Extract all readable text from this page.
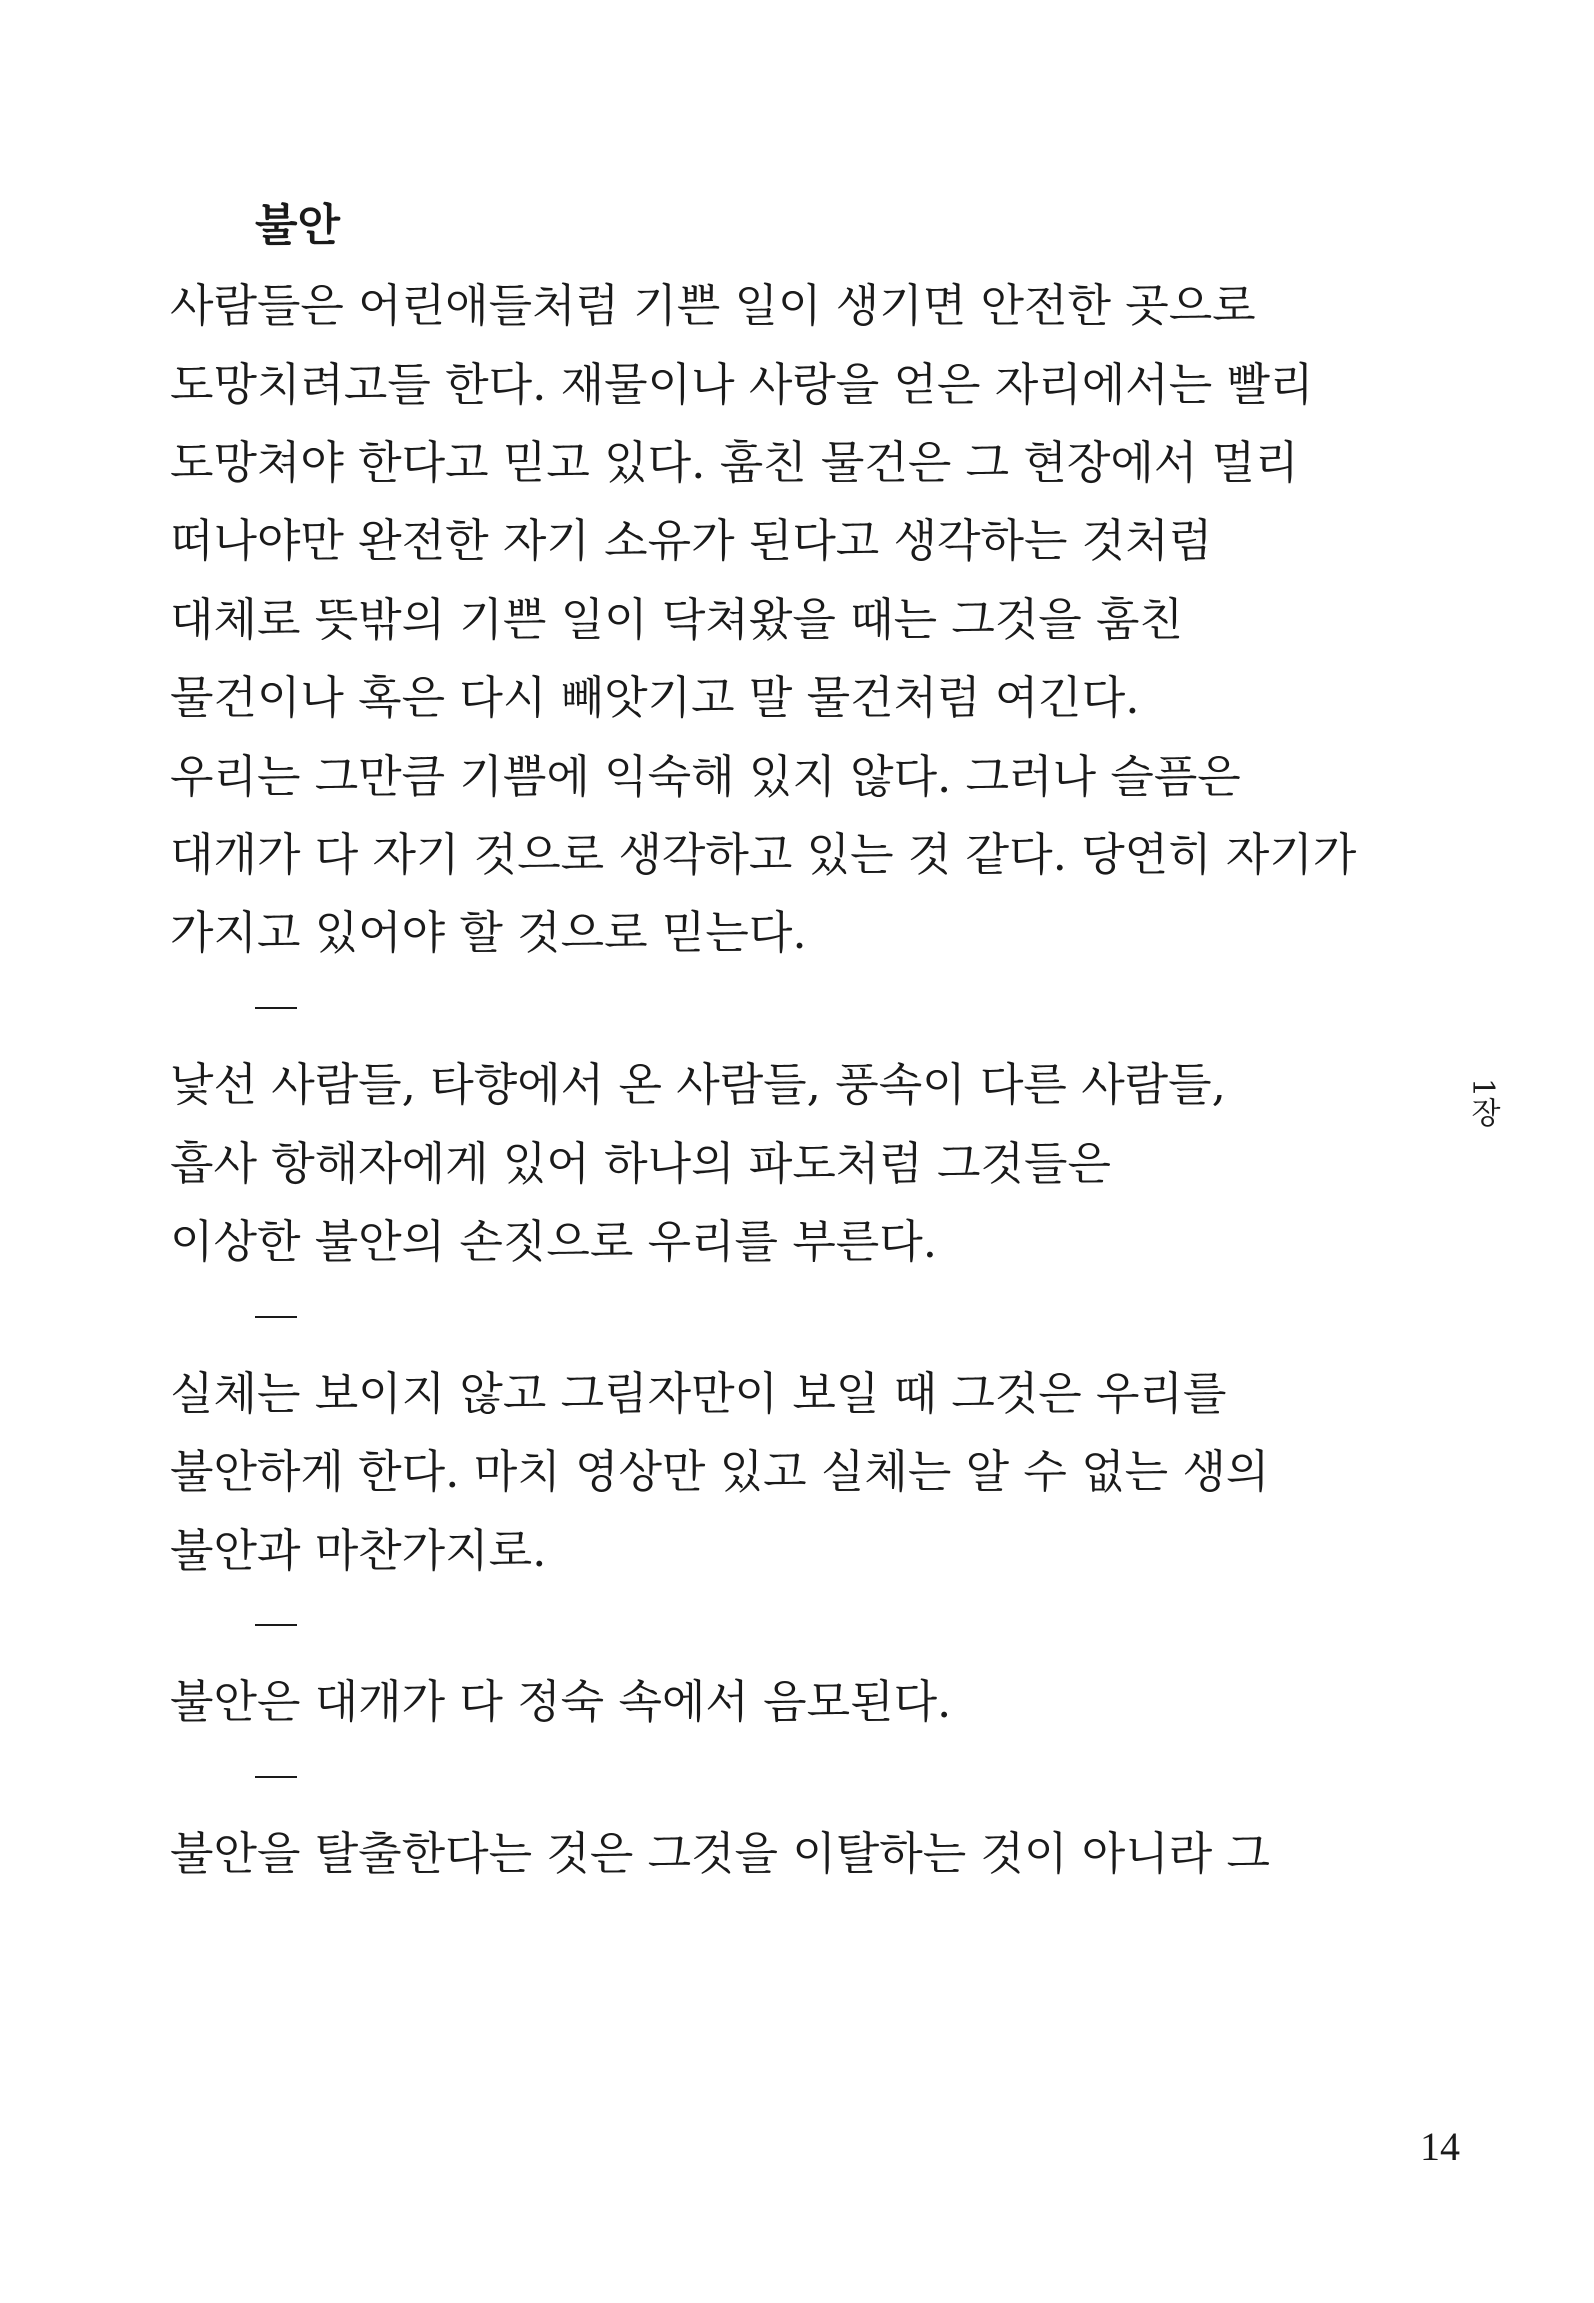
불안

사람들은 어린애들처럼 기쁜 일이 생기면 안전한 곳으로

도망치려고들 한다. 재물이나 사랑을 얻은 자리에서는 빨리

도망쳐야 한다고 믿고 있다. 훔친 물건은 그 현장에서 멀리

떠나야만 완전한 자기 소유가 된다고 생각하는 것처럼

대체로 뜻밖의 기쁜 일이 닥쳐왔을 때는 그것을 훔친

물건이나 혹은 다시 빼앗기고 말 물건처럼 여긴다.

우리는 그만큼 기쁨에 익숙해 있지 않다. 그러나 슬픔은

대개가 다 자기 것으로 생각하고 있는 것 같다. 당연히 자기가

가지고 있어야 할 것으로 믿는다.

낯선 사람들, 타향에서 온 사람들, 풍속이 다른 사람들,

흡사 항해자에게 있어 하나의 파도처럼 그것들은

이상한 불안의 손짓으로 우리를 부른다.

실체는 보이지 않고 그림자만이 보일 때 그것은 우리를

불안하게 한다. 마치 영상만 있고 실체는 알 수 없는 생의

불안과 마찬가지로.

불안은 대개가 다 정숙 속에서 음모된다.

불안을 탈출한다는 것은 그것을 이탈하는 것이 아니라 그

1장
14
